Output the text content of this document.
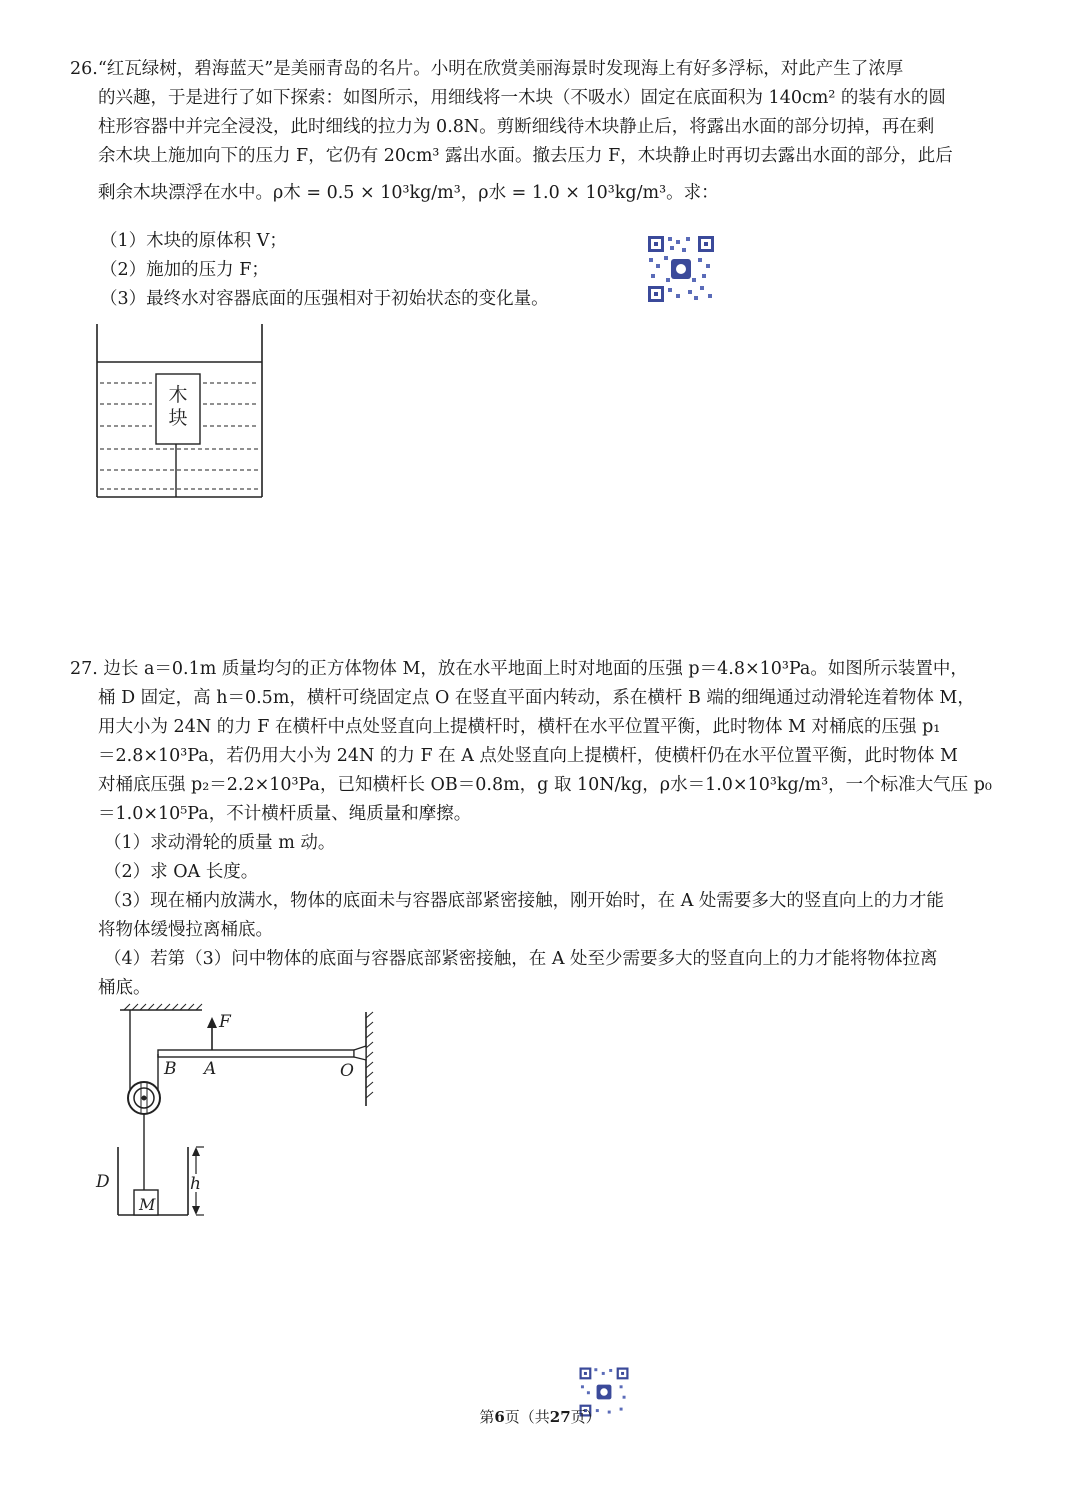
26.“红瓦绿树，碧海蓝天”是美丽青岛的名片。小明在欣赏美丽海景时发现海上有好多浮标，对此产生了浓厚
的兴趣，于是进行了如下探索：如图所示，用细线将一木块（不吸水）固定在底面积为 140cm² 的装有水的圆
柱形容器中并完全浸没，此时细线的拉力为 0.8N。剪断细线待木块静止后，将露出水面的部分切掉，再在剩
余木块上施加向下的压力 F，它仍有 20cm³ 露出水面。撤去压力 F，木块静止时再切去露出水面的部分，此后
剩余木块漂浮在水中。ρ木 = 0.5 × 10³kg/m³，ρ水 = 1.0 × 10³kg/m³。求：
（1）木块的原体积 V；
（2）施加的压力 F；
（3）最终水对容器底面的压强相对于初始状态的变化量。
木
块
27. 边长 a＝0.1m 质量均匀的正方体物体 M，放在水平地面上时对地面的压强 p＝4.8×10³Pa。如图所示装置中，
桶 D 固定，高 h＝0.5m，横杆可绕固定点 O 在竖直平面内转动，系在横杆 B 端的细绳通过动滑轮连着物体 M，
用大小为 24N 的力 F 在横杆中点处竖直向上提横杆时，横杆在水平位置平衡，此时物体 M 对桶底的压强 p₁
＝2.8×10³Pa，若仍用大小为 24N 的力 F 在 A 点处竖直向上提横杆，使横杆仍在水平位置平衡，此时物体 M
对桶底压强 p₂＝2.2×10³Pa，已知横杆长 OB＝0.8m，g 取 10N/kg，ρ水＝1.0×10³kg/m³，一个标准大气压 p₀
＝1.0×10⁵Pa，不计横杆质量、绳质量和摩擦。
（1）求动滑轮的质量 m 动。
（2）求 OA 长度。
（3）现在桶内放满水，物体的底面未与容器底部紧密接触，刚开始时，在 A 处需要多大的竖直向上的力才能
将物体缓慢拉离桶底。
（4）若第（3）问中物体的底面与容器底部紧密接触，在 A 处至少需要多大的竖直向上的力才能将物体拉离
桶底。
F
B A	O
D
M
h
第6页（共27页）
